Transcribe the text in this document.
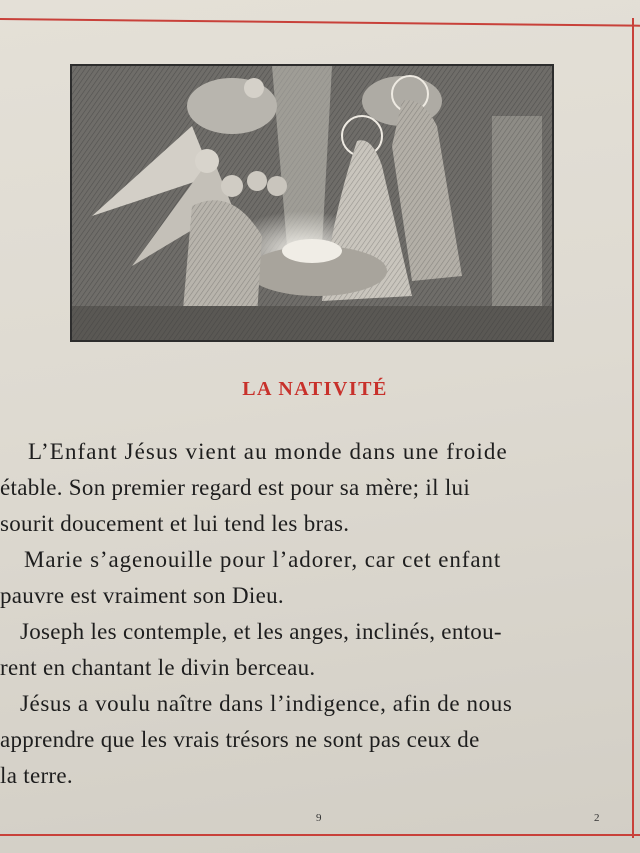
LA NATIVITÉ
L’Enfant Jésus vient au monde dans une froide
étable. Son premier regard est pour sa mère; il lui
sourit doucement et lui tend les bras.
Marie s’agenouille pour l’adorer, car cet enfant
pauvre est vraiment son Dieu.
Joseph les contemple, et les anges, inclinés, entou-
rent en chantant le divin berceau.
Jésus a voulu naître dans l’indigence, afin de nous
apprendre que les vrais trésors ne sont pas ceux de
la terre.
9	2
